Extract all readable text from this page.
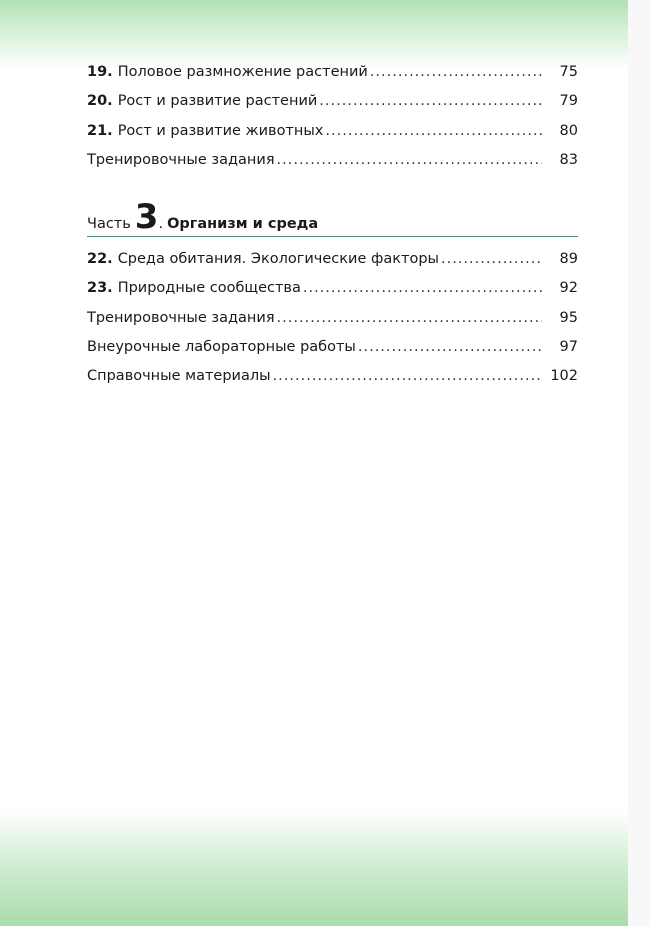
19. Половое размножение растений .....	75
20. Рост и развитие растений .....	79
21. Рост и развитие животных .....	80
Тренировочные задания .....	83
Часть 3 . Организм и среда
22. Среда обитания. Экологические факторы .....	89
23. Природные сообщества .....	92
Тренировочные задания .....	95
Внеурочные лабораторные работы .....	97
Справочные материалы .....	102
